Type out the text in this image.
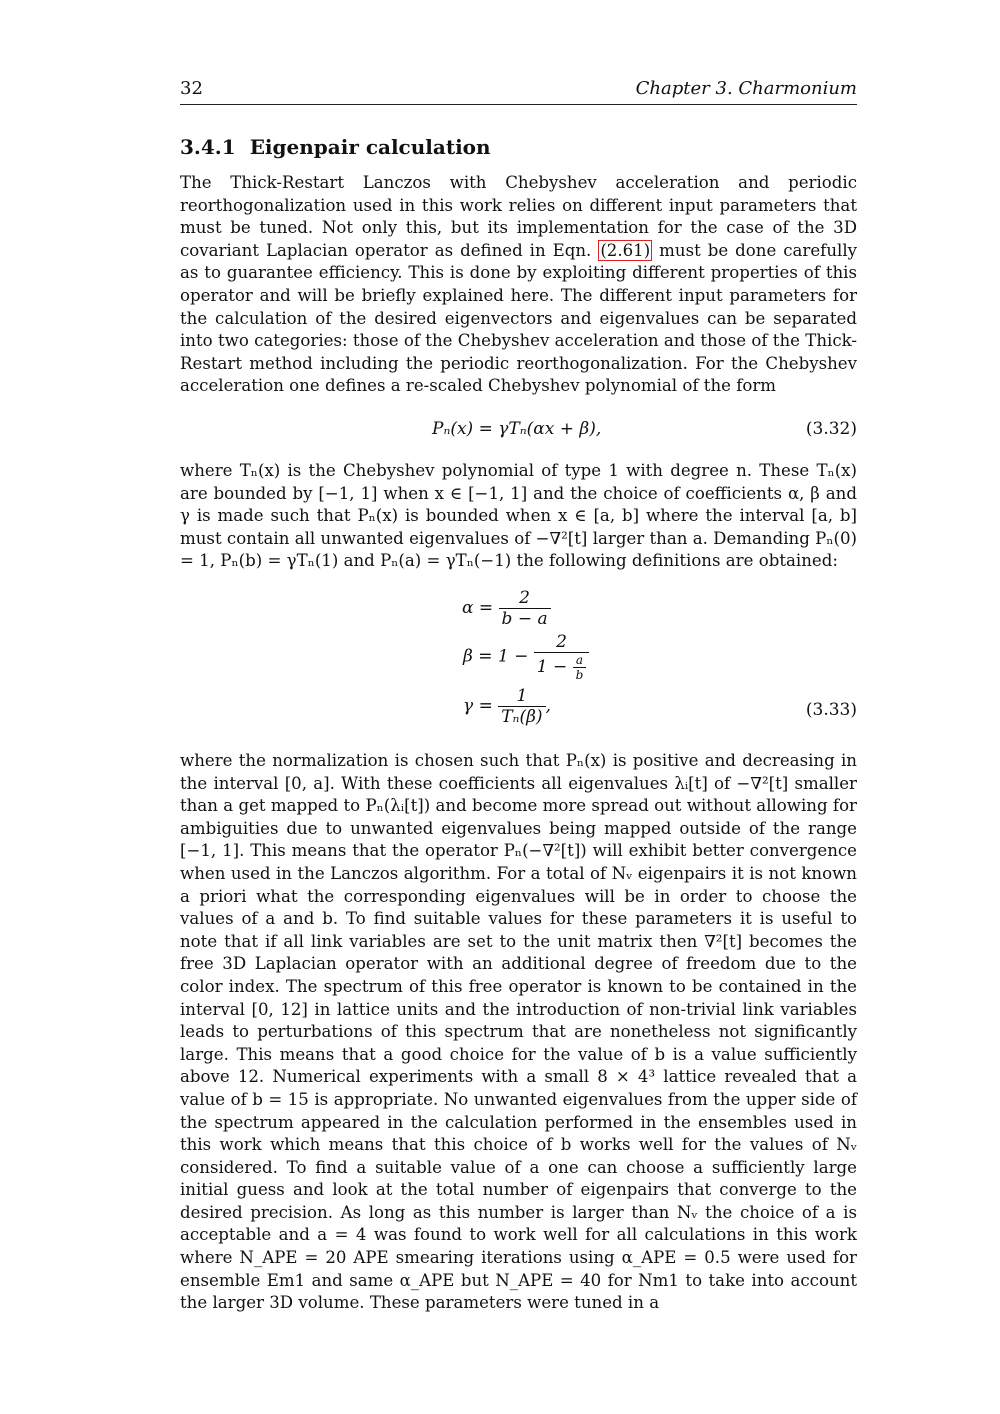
32	Chapter 3. Charmonium
3.4.1 Eigenpair calculation

The Thick-Restart Lanczos with Chebyshev acceleration and periodic reorthogonalization used in this work relies on different input parameters that must be tuned. Not only this, but its implementation for the case of the 3D covariant Laplacian operator as defined in Eqn. (2.61) must be done carefully as to guarantee efficiency. This is done by exploiting different properties of this operator and will be briefly explained here. The different input parameters for the calculation of the desired eigenvectors and eigenvalues can be separated into two categories: those of the Chebyshev acceleration and those of the Thick-Restart method including the periodic reorthogonalization. For the Chebyshev acceleration one defines a re-scaled Chebyshev polynomial of the form

Pₙ(x) = γTₙ(αx + β),	(3.32)

where Tₙ(x) is the Chebyshev polynomial of type 1 with degree n. These Tₙ(x) are bounded by [−1, 1] when x ∈ [−1, 1] and the choice of coefficients α, β and γ is made such that Pₙ(x) is bounded when x ∈ [a, b] where the interval [a, b] must contain all unwanted eigenvalues of −∇²[t] larger than a. Demanding Pₙ(0) = 1, Pₙ(b) = γTₙ(1) and Pₙ(a) = γTₙ(−1) the following definitions are obtained:

$\alpha = \frac{2}{b - a}$
$\beta = 1 - \frac{2}{1 - \frac{a}{b}}$
$\gamma = \frac{1}{\text{Tₙ(β)}}$ ,	(3.33)

where the normalization is chosen such that Pₙ(x) is positive and decreasing in the interval [0, a]. With these coefficients all eigenvalues λᵢ[t] of −∇²[t] smaller than a get mapped to Pₙ(λᵢ[t]) and become more spread out without allowing for ambiguities due to unwanted eigenvalues being mapped outside of the range [−1, 1]. This means that the operator Pₙ(−∇²[t]) will exhibit better convergence when used in the Lanczos algorithm. For a total of Nᵥ eigenpairs it is not known a priori what the corresponding eigenvalues will be in order to choose the values of a and b. To find suitable values for these parameters it is useful to note that if all link variables are set to the unit matrix then ∇²[t] becomes the free 3D Laplacian operator with an additional degree of freedom due to the color index. The spectrum of this free operator is known to be contained in the interval [0, 12] in lattice units and the introduction of non-trivial link variables leads to perturbations of this spectrum that are nonetheless not significantly large. This means that a good choice for the value of b is a value sufficiently above 12. Numerical experiments with a small 8 × 4³ lattice revealed that a value of b = 15 is appropriate. No unwanted eigenvalues from the upper side of the spectrum appeared in the calculation performed in the ensembles used in this work which means that this choice of b works well for the values of Nᵥ considered. To find a suitable value of a one can choose a sufficiently large initial guess and look at the total number of eigenpairs that converge to the desired precision. As long as this number is larger than Nᵥ the choice of a is acceptable and a = 4 was found to work well for all calculations in this work where N_APE = 20 APE smearing iterations using α_APE = 0.5 were used for ensemble Em1 and same α_APE but N_APE = 40 for Nm1 to take into account the larger 3D volume. These parameters were tuned in a
